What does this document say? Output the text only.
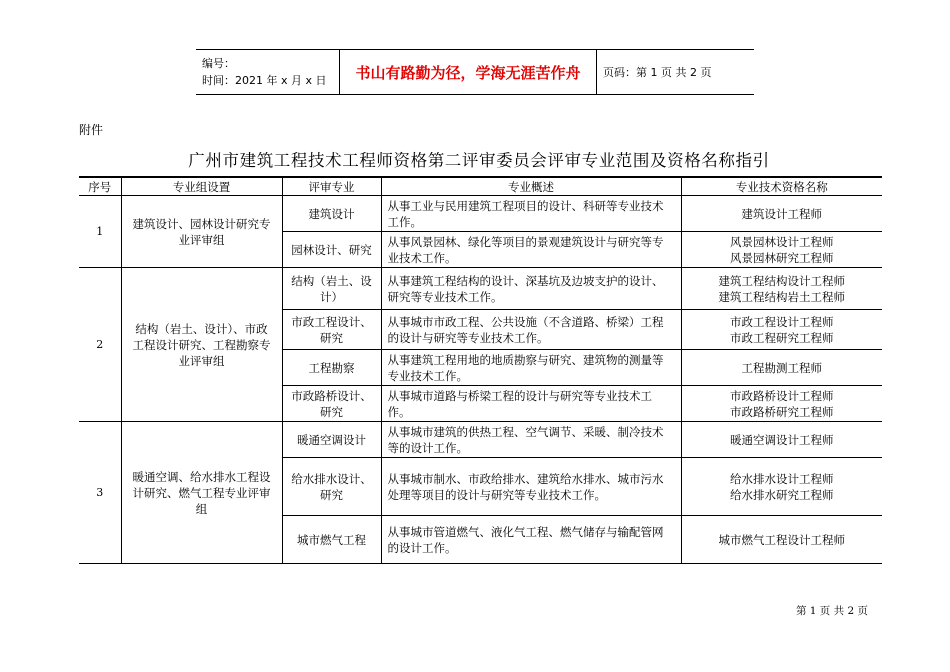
编号：
时间：2021 年 x 月 x 日	书山有路勤为径，学海无涯苦作舟	页码：第 1 页 共 2 页
附件
广州市建筑工程技术工程师资格第二评审委员会评审专业范围及资格名称指引
序号	专业组设置	评审专业	专业概述	专业技术资格名称
1	建筑设计、园林设计研究专业评审组	建筑设计	从事工业与民用建筑工程项目的设计、科研等专业技术工作。	建筑设计工程师

		园林设计、研究	从事风景园林、绿化等项目的景观建筑设计与研究等专业技术工作。	风景园林设计工程师
风景园林研究工程师

2	结构（岩土、设计）、市政工程设计研究、工程勘察专业评审组	结构（岩土、设计）	从事建筑工程结构的设计、深基坑及边坡支护的设计、研究等专业技术工作。	建筑工程结构设计工程师
建筑工程结构岩土工程师

		市政工程设计、研究	从事城市市政工程、公共设施（不含道路、桥梁）工程的设计与研究等专业技术工作。	市政工程设计工程师
市政工程研究工程师

		工程勘察	从事建筑工程用地的地质勘察与研究、建筑物的测量等专业技术工作。	工程勘测工程师

		市政路桥设计、研究	从事城市道路与桥梁工程的设计与研究等专业技术工作。	市政路桥设计工程师
市政路桥研究工程师

3	暖通空调、给水排水工程设计研究、燃气工程专业评审组	暖通空调设计	从事城市建筑的供热工程、空气调节、采暖、制冷技术等的设计工作。	暖通空调设计工程师

		给水排水设计、研究	从事城市制水、市政给排水、建筑给水排水、城市污水处理等项目的设计与研究等专业技术工作。	给水排水设计工程师
给水排水研究工程师

		城市燃气工程	从事城市管道燃气、液化气工程、燃气储存与输配管网的设计工作。	城市燃气工程设计工程师
第 1 页 共 2 页
